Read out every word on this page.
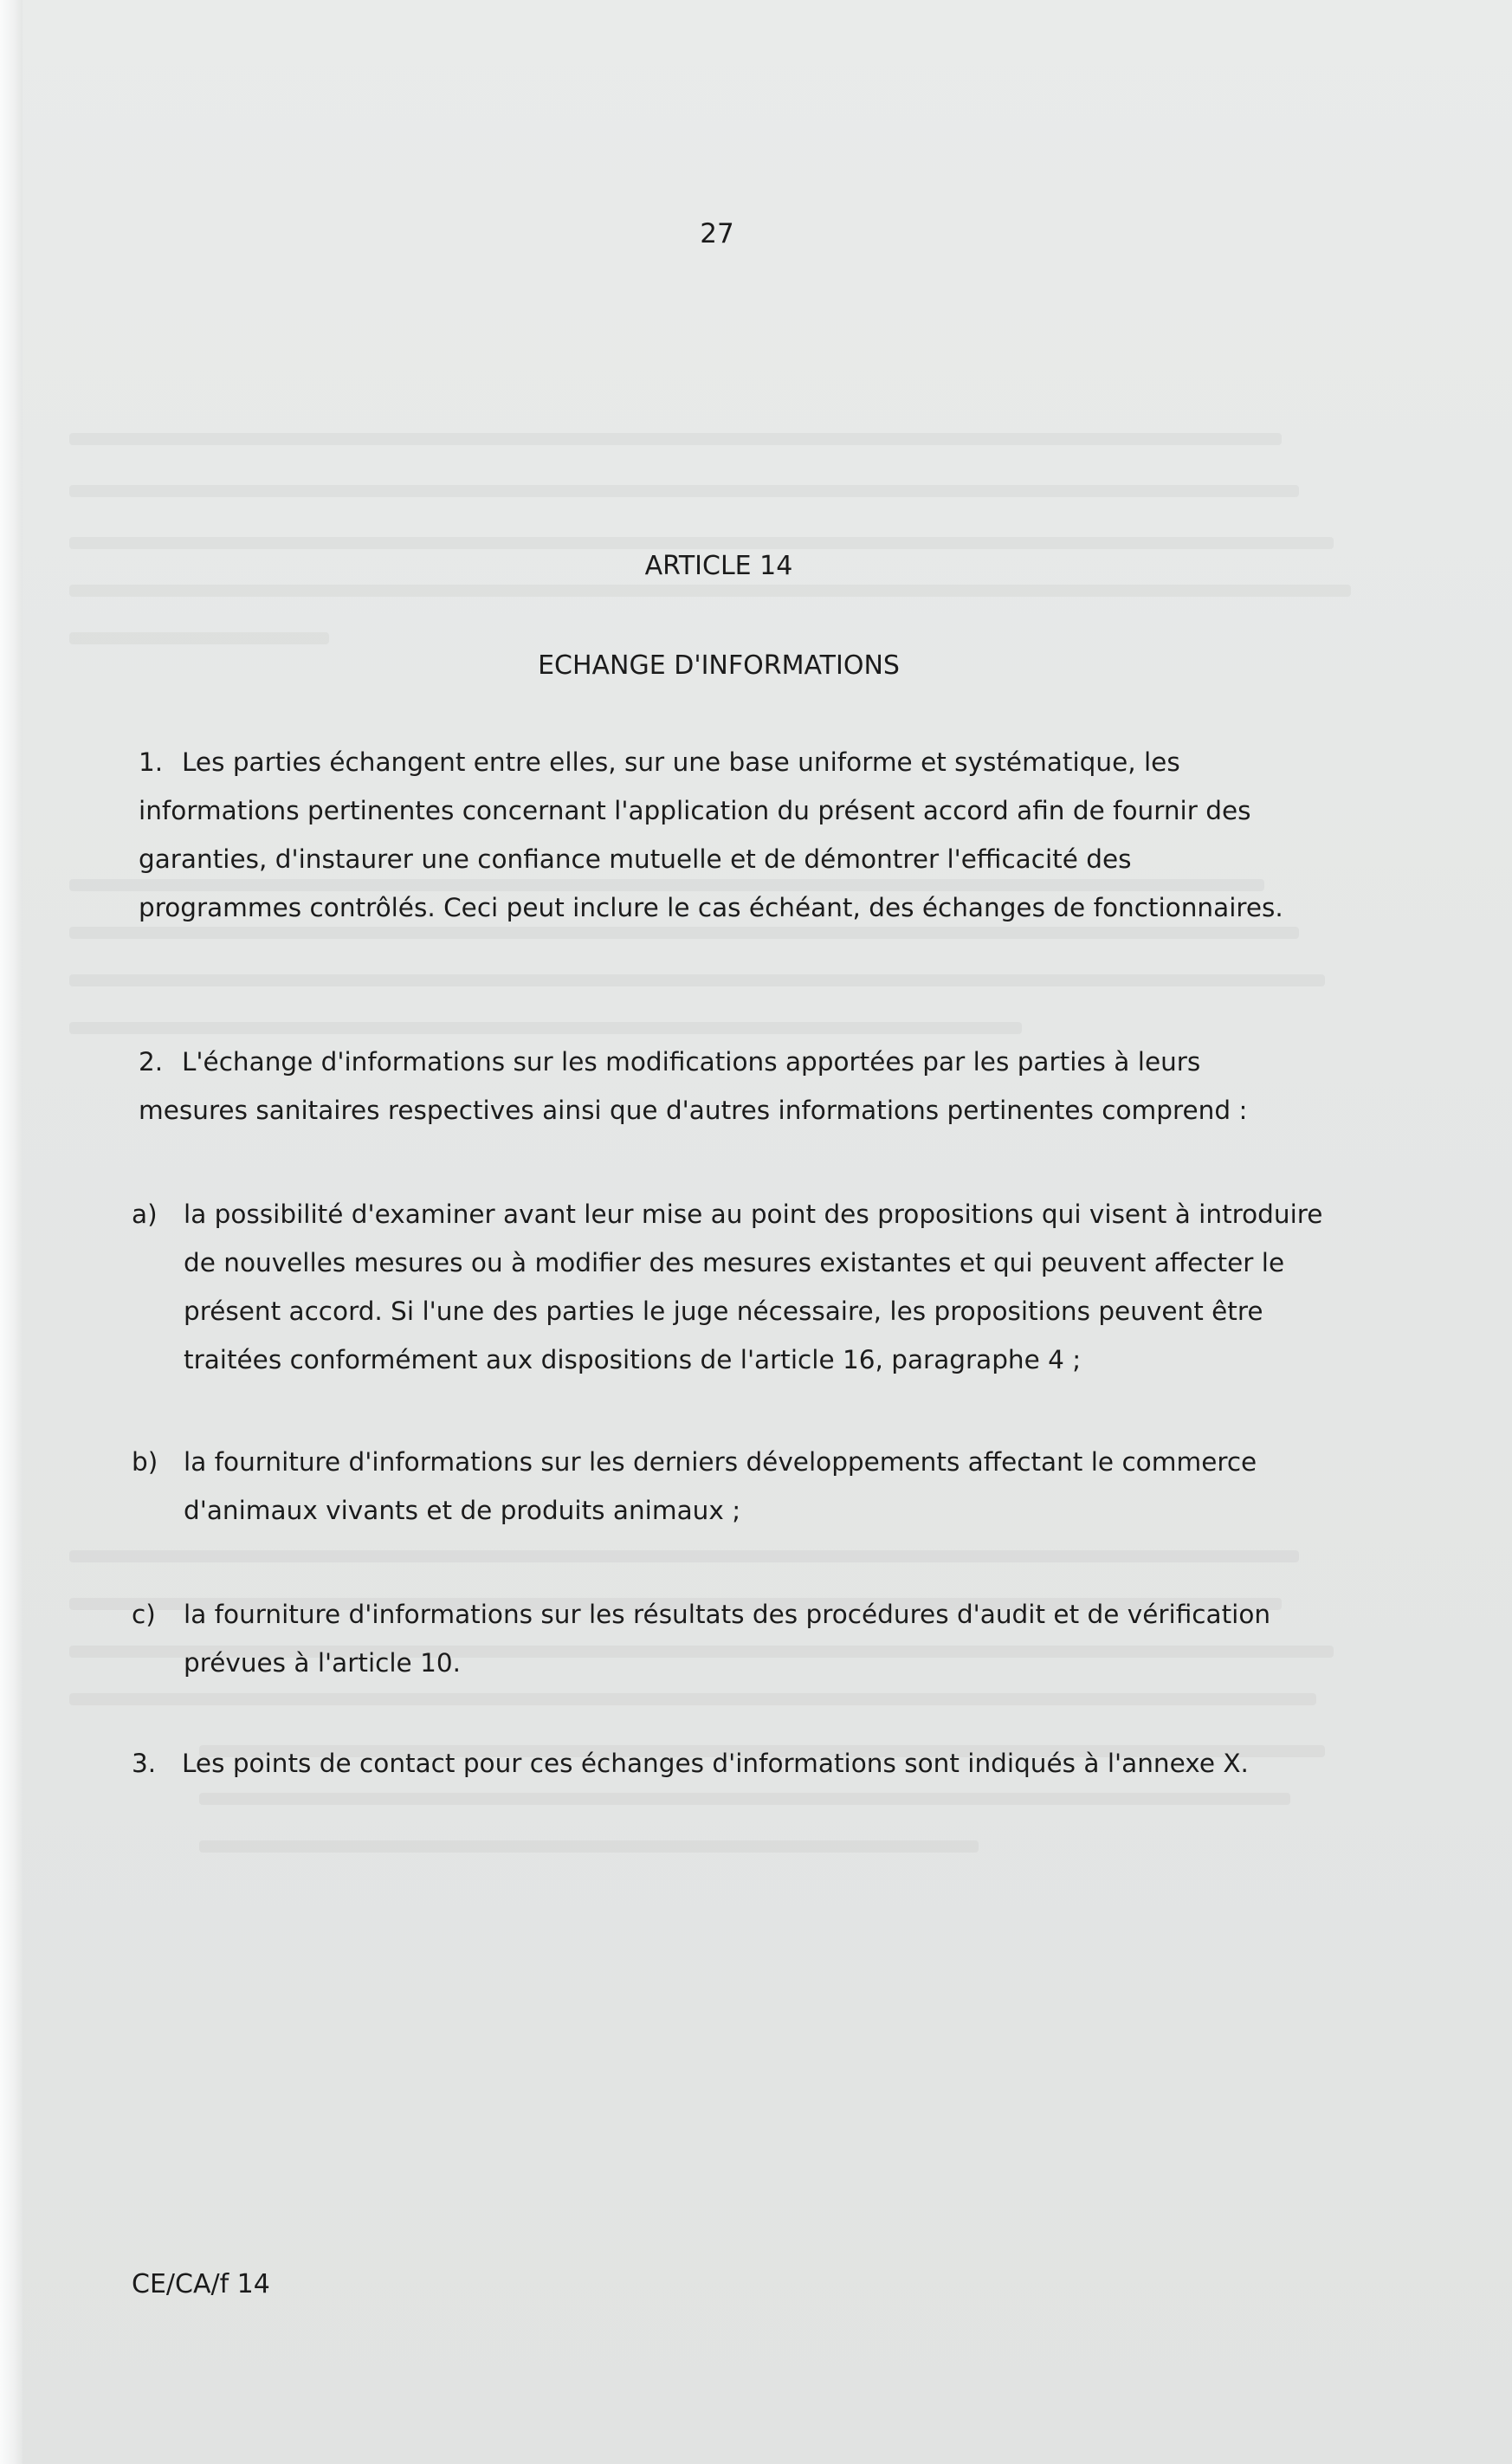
27
ARTICLE 14
ECHANGE D'INFORMATIONS
1. Les parties échangent entre elles, sur une base uniforme et systématique, les informations pertinentes concernant l'application du présent accord afin de fournir des garanties, d'instaurer une confiance mutuelle et de démontrer l'efficacité des programmes contrôlés. Ceci peut inclure le cas échéant, des échanges de fonctionnaires.
2. L'échange d'informations sur les modifications apportées par les parties à leurs mesures sanitaires respectives ainsi que d'autres informations pertinentes comprend :
a)	la possibilité d'examiner avant leur mise au point des propositions qui visent à introduire de nouvelles mesures ou à modifier des mesures existantes et qui peuvent affecter le présent accord. Si l'une des parties le juge nécessaire, les propositions peuvent être traitées conformément aux dispositions de l'article 16, paragraphe 4 ;
b)	la fourniture d'informations sur les derniers développements affectant le commerce d'animaux vivants et de produits animaux ;
c)	la fourniture d'informations sur les résultats des procédures d'audit et de vérification prévues à l'article 10.
3. Les points de contact pour ces échanges d'informations sont indiqués à l'annexe X.
CE/CA/f 14
